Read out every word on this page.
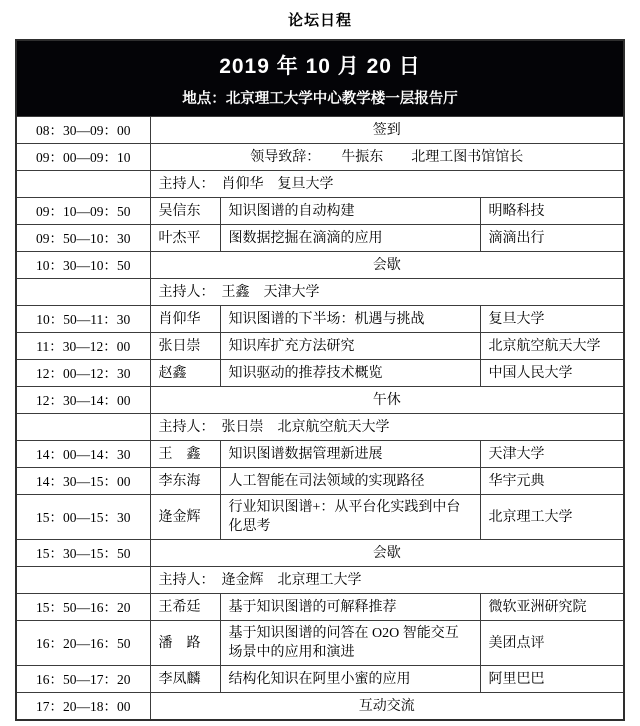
论坛日程
2019 年 10 月 20 日
地点：北京理工大学中心教学楼一层报告厅			

08：30—09：00	签到		
09：00—09：10	领导致辞：　　牛振东　　北理工图书馆馆长		
	主持人：　肖仰华　复旦大学		
09：10—09：50	吴信东	知识图谱的自动构建	明略科技
09：50—10：30	叶杰平	图数据挖掘在滴滴的应用	滴滴出行
10：30—10：50	会歇		
	主持人：　王鑫　天津大学		
10：50—11：30	肖仰华	知识图谱的下半场：机遇与挑战	复旦大学
11：30—12：00	张日崇	知识库扩充方法研究	北京航空航天大学
12：00—12：30	赵鑫	知识驱动的推荐技术概览	中国人民大学
12：30—14：00	午休		
	主持人：　张日崇　北京航空航天大学		
14：00—14：30	王　鑫	知识图谱数据管理新进展	天津大学
14：30—15：00	李东海	人工智能在司法领域的实现路径	华宇元典
15：00—15：30	逄金辉	行业知识图谱+：从平台化实践到中台化思考	北京理工大学
15：30—15：50	会歇		
	主持人：　逄金辉　北京理工大学		
15：50—16：20	王希廷	基于知识图谱的可解释推荐	微软亚洲研究院
16：20—16：50	潘　路	基于知识图谱的问答在 O2O 智能交互场景中的应用和演进	美团点评
16：50—17：20	李凤麟	结构化知识在阿里小蜜的应用	阿里巴巴
17：20—18：00	互动交流		
